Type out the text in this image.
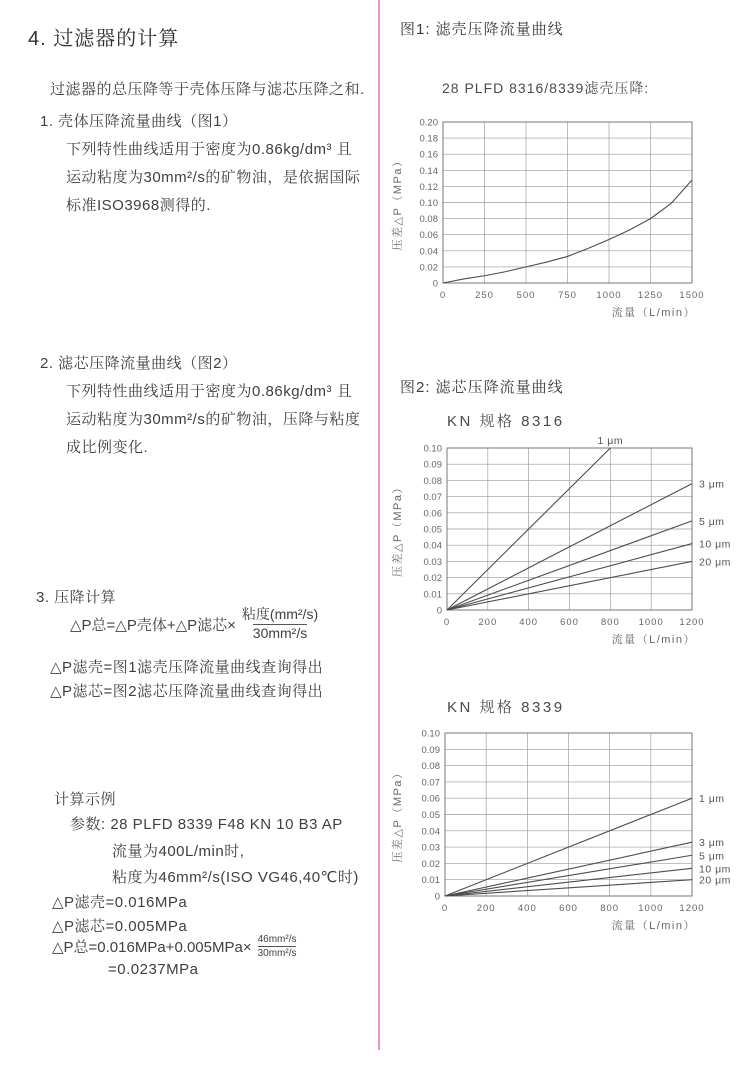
4. 过滤器的计算
过滤器的总压降等于壳体压降与滤芯压降之和.
1. 壳体压降流量曲线（图1）
下列特性曲线适用于密度为0.86kg/dm³ 且
运动粘度为30mm²/s的矿物油，是依据国际
标准ISO3968测得的.
2. 滤芯压降流量曲线（图2）
下列特性曲线适用于密度为0.86kg/dm³ 且
运动粘度为30mm²/s的矿物油，压降与粘度
成比例变化.
3. 压降计算
△P总=△P壳体+△P滤芯× $\frac{\text{粘度(mm²/s)}}{\text{30mm²/s}}$
△P滤壳=图1滤壳压降流量曲线查询得出
△P滤芯=图2滤芯压降流量曲线查询得出
计算示例
参数: 28 PLFD 8339 F48 KN 10 B3 AP
流量为400L/min时,
粘度为46mm²/s(ISO VG46,40℃时)
△P滤壳=0.016MPa
△P滤芯=0.005MPa
△P总$=0.016MPa+0.005MPa\times \frac{\text{46mm²/s}}{\text{30mm²/s}}$
=0.0237MPa
图1: 滤壳压降流量曲线
28 PLFD 8316/8339滤壳压降:
0	250 500 750 1000 1250 1500
0
0.02
0.04
0.06
0.08
0.10
0.12
0.14
0.16
0.18
0.20
压差△P（MPa）
流量（L/min）
图2: 滤芯压降流量曲线
KN 规格 8316
0	200 400 600 800 1000 1200
0
0.01
0.02
0.03
0.04
0.05
0.06
0.07
0.08
0.09
0.10
1 μm
3 μm
5 μm
10 μm
20 μm
压差△P（MPa）
流量（L/min）
KN 规格 8339
0	200 400 600 800 1000 1200
0
0.01
0.02
0.03
0.04
0.05
0.06
0.07
0.08
0.09
0.10
1 μm
3 μm
5 μm
10 μm
20 μm
压差△P（MPa）
流量（L/min）
